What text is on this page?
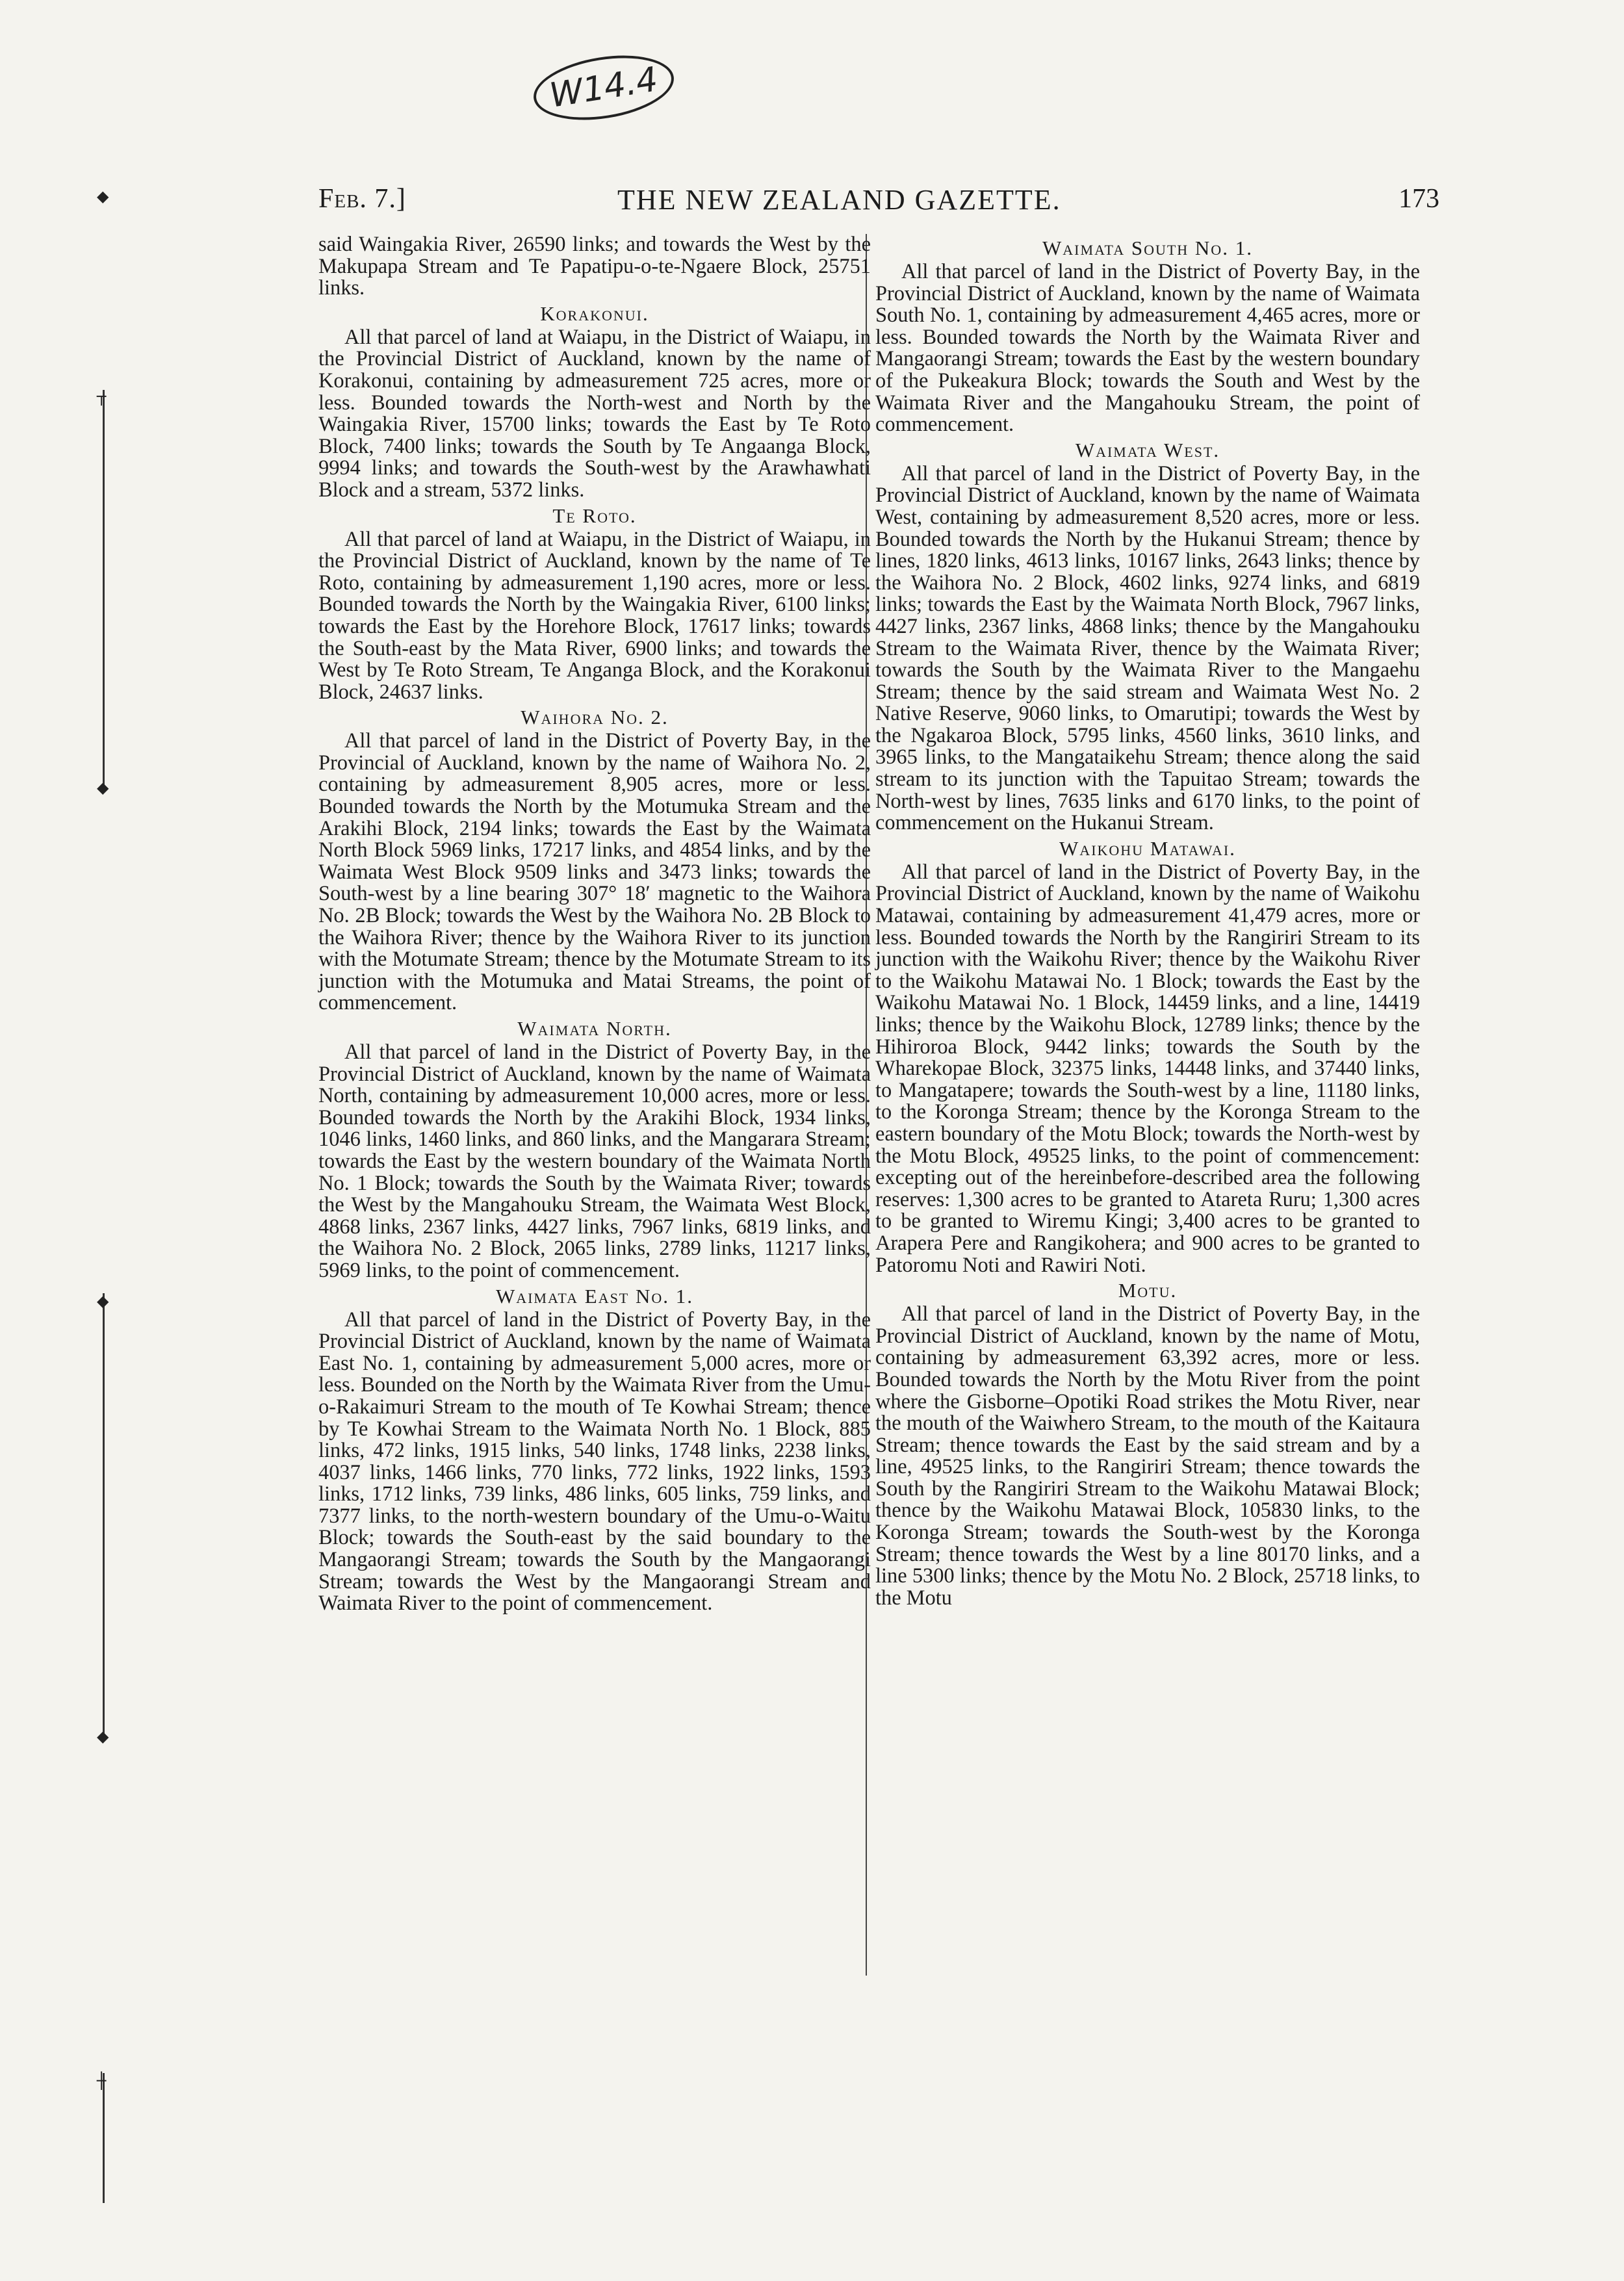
W14.4
◆
┬
◆
◆
◆
┼
Feb. 7.]	THE NEW ZEALAND GAZETTE.	173

said Waingakia River, 26590 links; and towards the West by the Makupapa Stream and Te Papatipu-o-te-Ngaere Block, 25751 links.

Korakonui.

All that parcel of land at Waiapu, in the District of Waiapu, in the Provincial District of Auckland, known by the name of Korakonui, containing by admeasurement 725 acres, more or less. Bounded towards the North-west and North by the Waingakia River, 15700 links; towards the East by Te Roto Block, 7400 links; towards the South by Te Angaanga Block, 9994 links; and towards the South-west by the Arawhawhati Block and a stream, 5372 links.

Te Roto.

All that parcel of land at Waiapu, in the District of Waiapu, in the Provincial District of Auckland, known by the name of Te Roto, containing by admeasurement 1,190 acres, more or less. Bounded towards the North by the Waingakia River, 6100 links; towards the East by the Horehore Block, 17617 links; towards the South-east by the Mata River, 6900 links; and towards the West by Te Roto Stream, Te Anganga Block, and the Korakonui Block, 24637 links.

Waihora No. 2.

All that parcel of land in the District of Poverty Bay, in the Provincial of Auckland, known by the name of Waihora No. 2, containing by admeasurement 8,905 acres, more or less. Bounded towards the North by the Motumuka Stream and the Arakihi Block, 2194 links; towards the East by the Waimata North Block 5969 links, 17217 links, and 4854 links, and by the Waimata West Block 9509 links and 3473 links; towards the South-west by a line bearing 307° 18′ magnetic to the Waihora No. 2B Block; towards the West by the Waihora No. 2B Block to the Waihora River; thence by the Waihora River to its junction with the Motumate Stream; thence by the Motumate Stream to its junction with the Motumuka and Matai Streams, the point of commencement.

Waimata North.

All that parcel of land in the District of Poverty Bay, in the Provincial District of Auckland, known by the name of Waimata North, containing by admeasurement 10,000 acres, more or less. Bounded towards the North by the Arakihi Block, 1934 links, 1046 links, 1460 links, and 860 links, and the Mangarara Stream; towards the East by the western boundary of the Waimata North No. 1 Block; towards the South by the Waimata River; towards the West by the Mangahouku Stream, the Waimata West Block, 4868 links, 2367 links, 4427 links, 7967 links, 6819 links, and the Waihora No. 2 Block, 2065 links, 2789 links, 11217 links, 5969 links, to the point of commencement.

Waimata East No. 1.

All that parcel of land in the District of Poverty Bay, in the Provincial District of Auckland, known by the name of Waimata East No. 1, containing by admeasurement 5,000 acres, more or less. Bounded on the North by the Waimata River from the Umu-o-Rakaimuri Stream to the mouth of Te Kowhai Stream; thence by Te Kowhai Stream to the Waimata North No. 1 Block, 885 links, 472 links, 1915 links, 540 links, 1748 links, 2238 links, 4037 links, 1466 links, 770 links, 772 links, 1922 links, 1593 links, 1712 links, 739 links, 486 links, 605 links, 759 links, and 7377 links, to the north-western boundary of the Umu-o-Waitu Block; towards the South-east by the said boundary to the Mangaorangi Stream; towards the South by the Mangaorangi Stream; towards the West by the Mangaorangi Stream and Waimata River to the point of commencement.

Waimata South No. 1.

All that parcel of land in the District of Poverty Bay, in the Provincial District of Auckland, known by the name of Waimata South No. 1, containing by admeasurement 4,465 acres, more or less. Bounded towards the North by the Waimata River and Mangaorangi Stream; towards the East by the western boundary of the Pukeakura Block; towards the South and West by the Waimata River and the Mangahouku Stream, the point of commencement.

Waimata West.

All that parcel of land in the District of Poverty Bay, in the Provincial District of Auckland, known by the name of Waimata West, containing by admeasurement 8,520 acres, more or less. Bounded towards the North by the Hukanui Stream; thence by lines, 1820 links, 4613 links, 10167 links, 2643 links; thence by the Waihora No. 2 Block, 4602 links, 9274 links, and 6819 links; towards the East by the Waimata North Block, 7967 links, 4427 links, 2367 links, 4868 links; thence by the Mangahouku Stream to the Waimata River, thence by the Waimata River; towards the South by the Waimata River to the Mangaehu Stream; thence by the said stream and Waimata West No. 2 Native Reserve, 9060 links, to Omarutipi; towards the West by the Ngakaroa Block, 5795 links, 4560 links, 3610 links, and 3965 links, to the Mangataikehu Stream; thence along the said stream to its junction with the Tapuitao Stream; towards the North-west by lines, 7635 links and 6170 links, to the point of commencement on the Hukanui Stream.

Waikohu Matawai.

All that parcel of land in the District of Poverty Bay, in the Provincial District of Auckland, known by the name of Waikohu Matawai, containing by admeasurement 41,479 acres, more or less. Bounded towards the North by the Rangiriri Stream to its junction with the Waikohu River; thence by the Waikohu River to the Waikohu Matawai No. 1 Block; towards the East by the Waikohu Matawai No. 1 Block, 14459 links, and a line, 14419 links; thence by the Waikohu Block, 12789 links; thence by the Hihiroroa Block, 9442 links; towards the South by the Wharekopae Block, 32375 links, 14448 links, and 37440 links, to Mangatapere; towards the South-west by a line, 11180 links, to the Koronga Stream; thence by the Koronga Stream to the eastern boundary of the Motu Block; towards the North-west by the Motu Block, 49525 links, to the point of commencement: excepting out of the hereinbefore-described area the following reserves: 1,300 acres to be granted to Atareta Ruru; 1,300 acres to be granted to Wiremu Kingi; 3,400 acres to be granted to Arapera Pere and Rangikohera; and 900 acres to be granted to Patoromu Noti and Rawiri Noti.

Motu.

All that parcel of land in the District of Poverty Bay, in the Provincial District of Auckland, known by the name of Motu, containing by admeasurement 63,392 acres, more or less. Bounded towards the North by the Motu River from the point where the Gisborne–Opotiki Road strikes the Motu River, near the mouth of the Waiwhero Stream, to the mouth of the Kaitaura Stream; thence towards the East by the said stream and by a line, 49525 links, to the Rangiriri Stream; thence towards the South by the Rangiriri Stream to the Waikohu Matawai Block; thence by the Waikohu Matawai Block, 105830 links, to the Koronga Stream; towards the South-west by the Koronga Stream; thence towards the West by a line 80170 links, and a line 5300 links; thence by the Motu No. 2 Block, 25718 links, to the Motu
